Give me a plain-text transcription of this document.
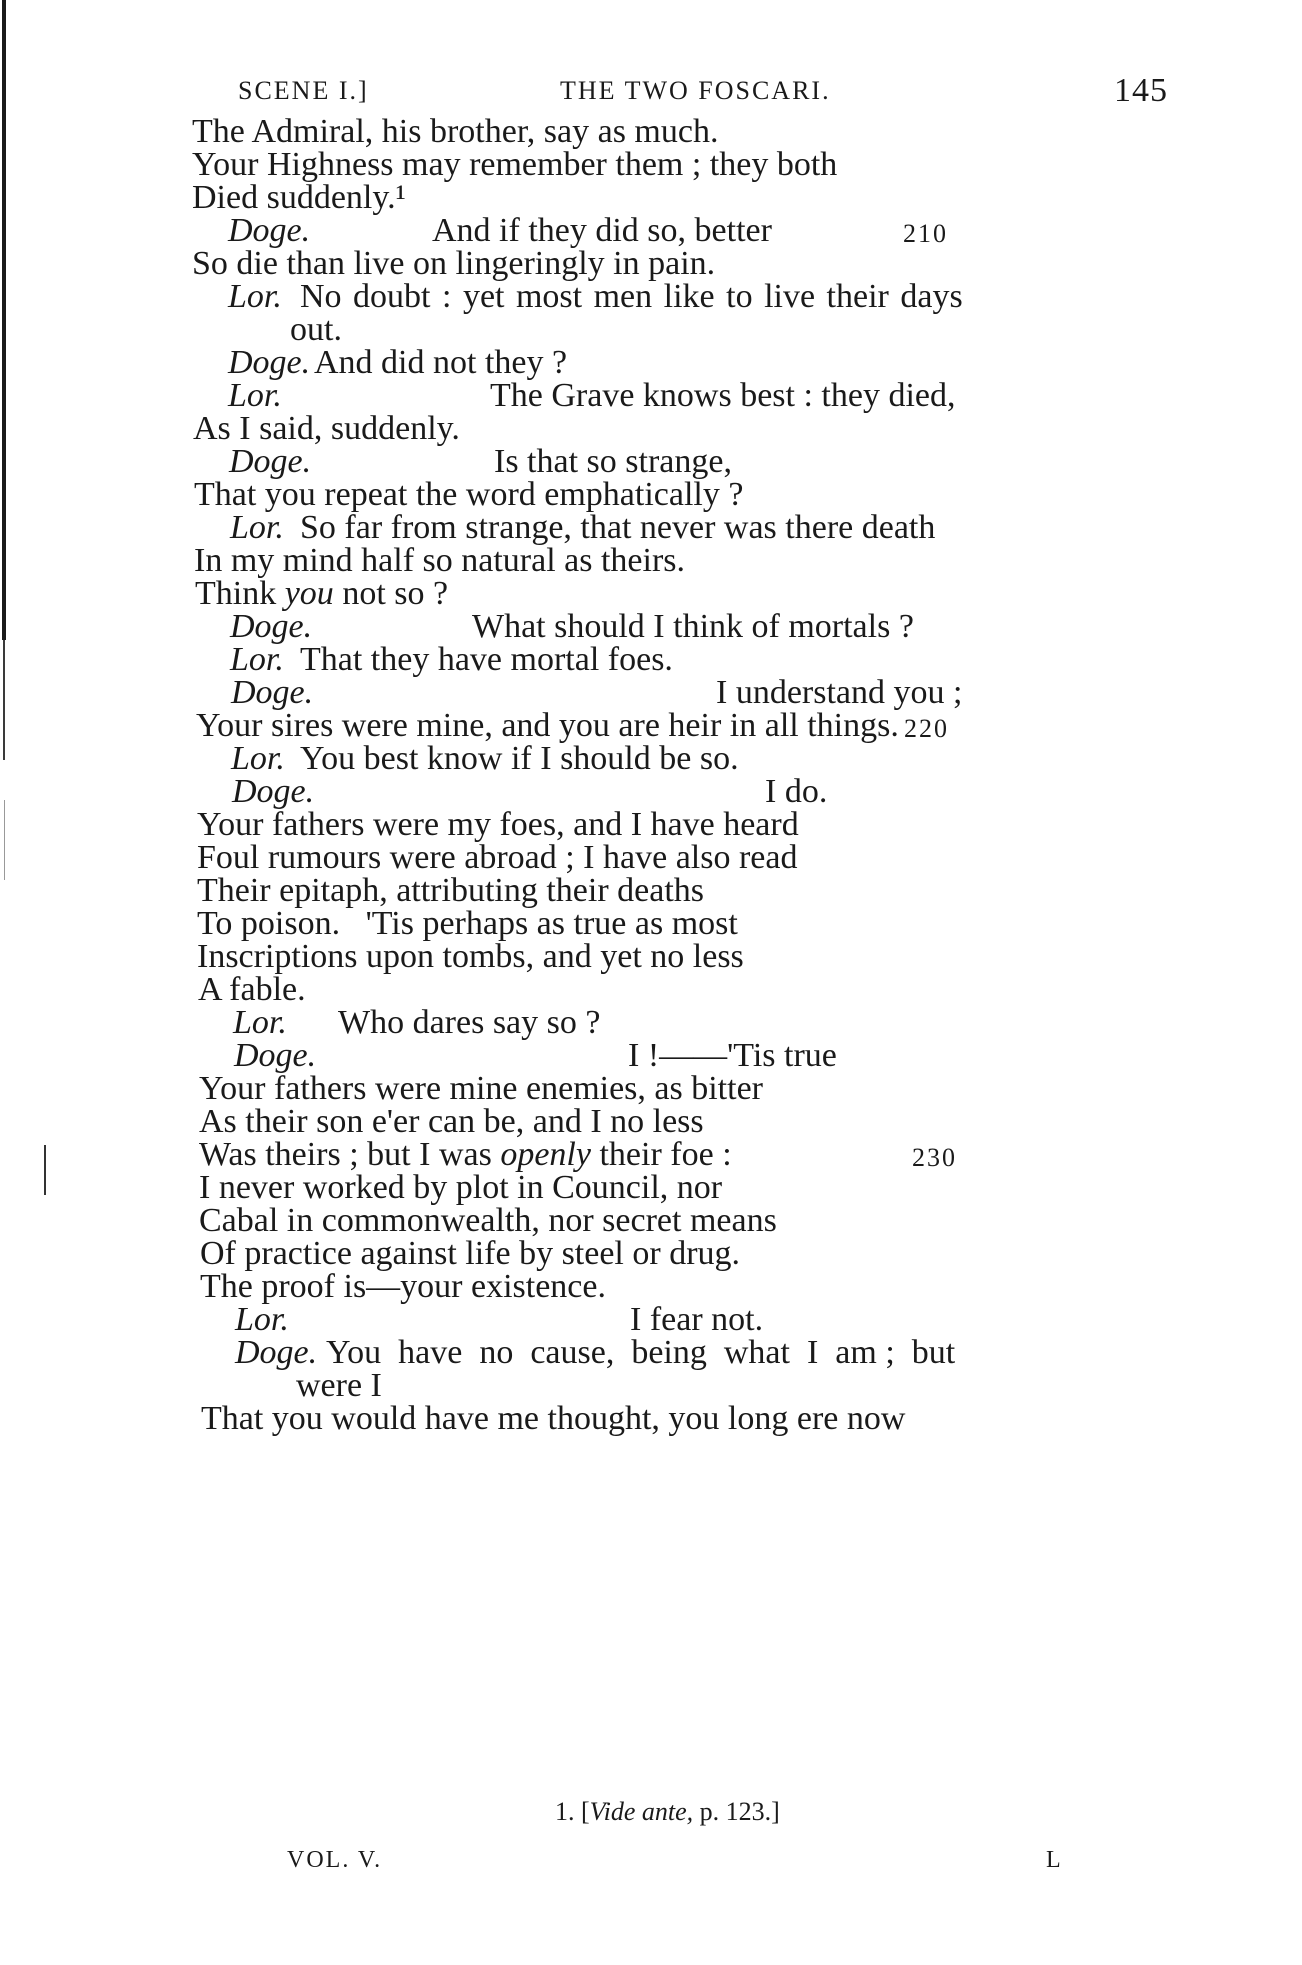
SCENE I.]	THE TWO FOSCARI.	145
The Admiral, his brother, say as much.
Your Highness may remember them ; they both
Died suddenly.¹
Doge.	And if they did so, better	210
So die than live on lingeringly in pain.
Lor. No doubt : yet most men like to live their days
out.
Doge. And did not they ?
Lor.	The Grave knows best : they died,
As I said, suddenly.
Doge.	Is that so strange,
That you repeat the word emphatically ?
Lor. So far from strange, that never was there death
In my mind half so natural as theirs.
Think you not so ?
Doge.	What should I think of mortals ?
Lor. That they have mortal foes.
Doge.	I understand you ;
Your sires were mine, and you are heir in all things. 220
Lor. You best know if I should be so.
Doge.	I do.
Your fathers were my foes, and I have heard
Foul rumours were abroad ; I have also read
Their epitaph, attributing their deaths
To poison.   'Tis perhaps as true as most
Inscriptions upon tombs, and yet no less
A fable.
Lor. Who dares say so ?
Doge.	I !——'Tis true
Your fathers were mine enemies, as bitter
As their son e'er can be, and I no less
Was theirs ; but I was openly their foe :	230
I never worked by plot in Council, nor
Cabal in commonwealth, nor secret means
Of practice against life by steel or drug.
The proof is—your existence.
Lor.	I fear not.
Doge. You  have  no  cause,  being  what  I  am ;  but
were I
That you would have me thought, you long ere now
1. [Vide ante, p. 123.]
VOL. V.	L
